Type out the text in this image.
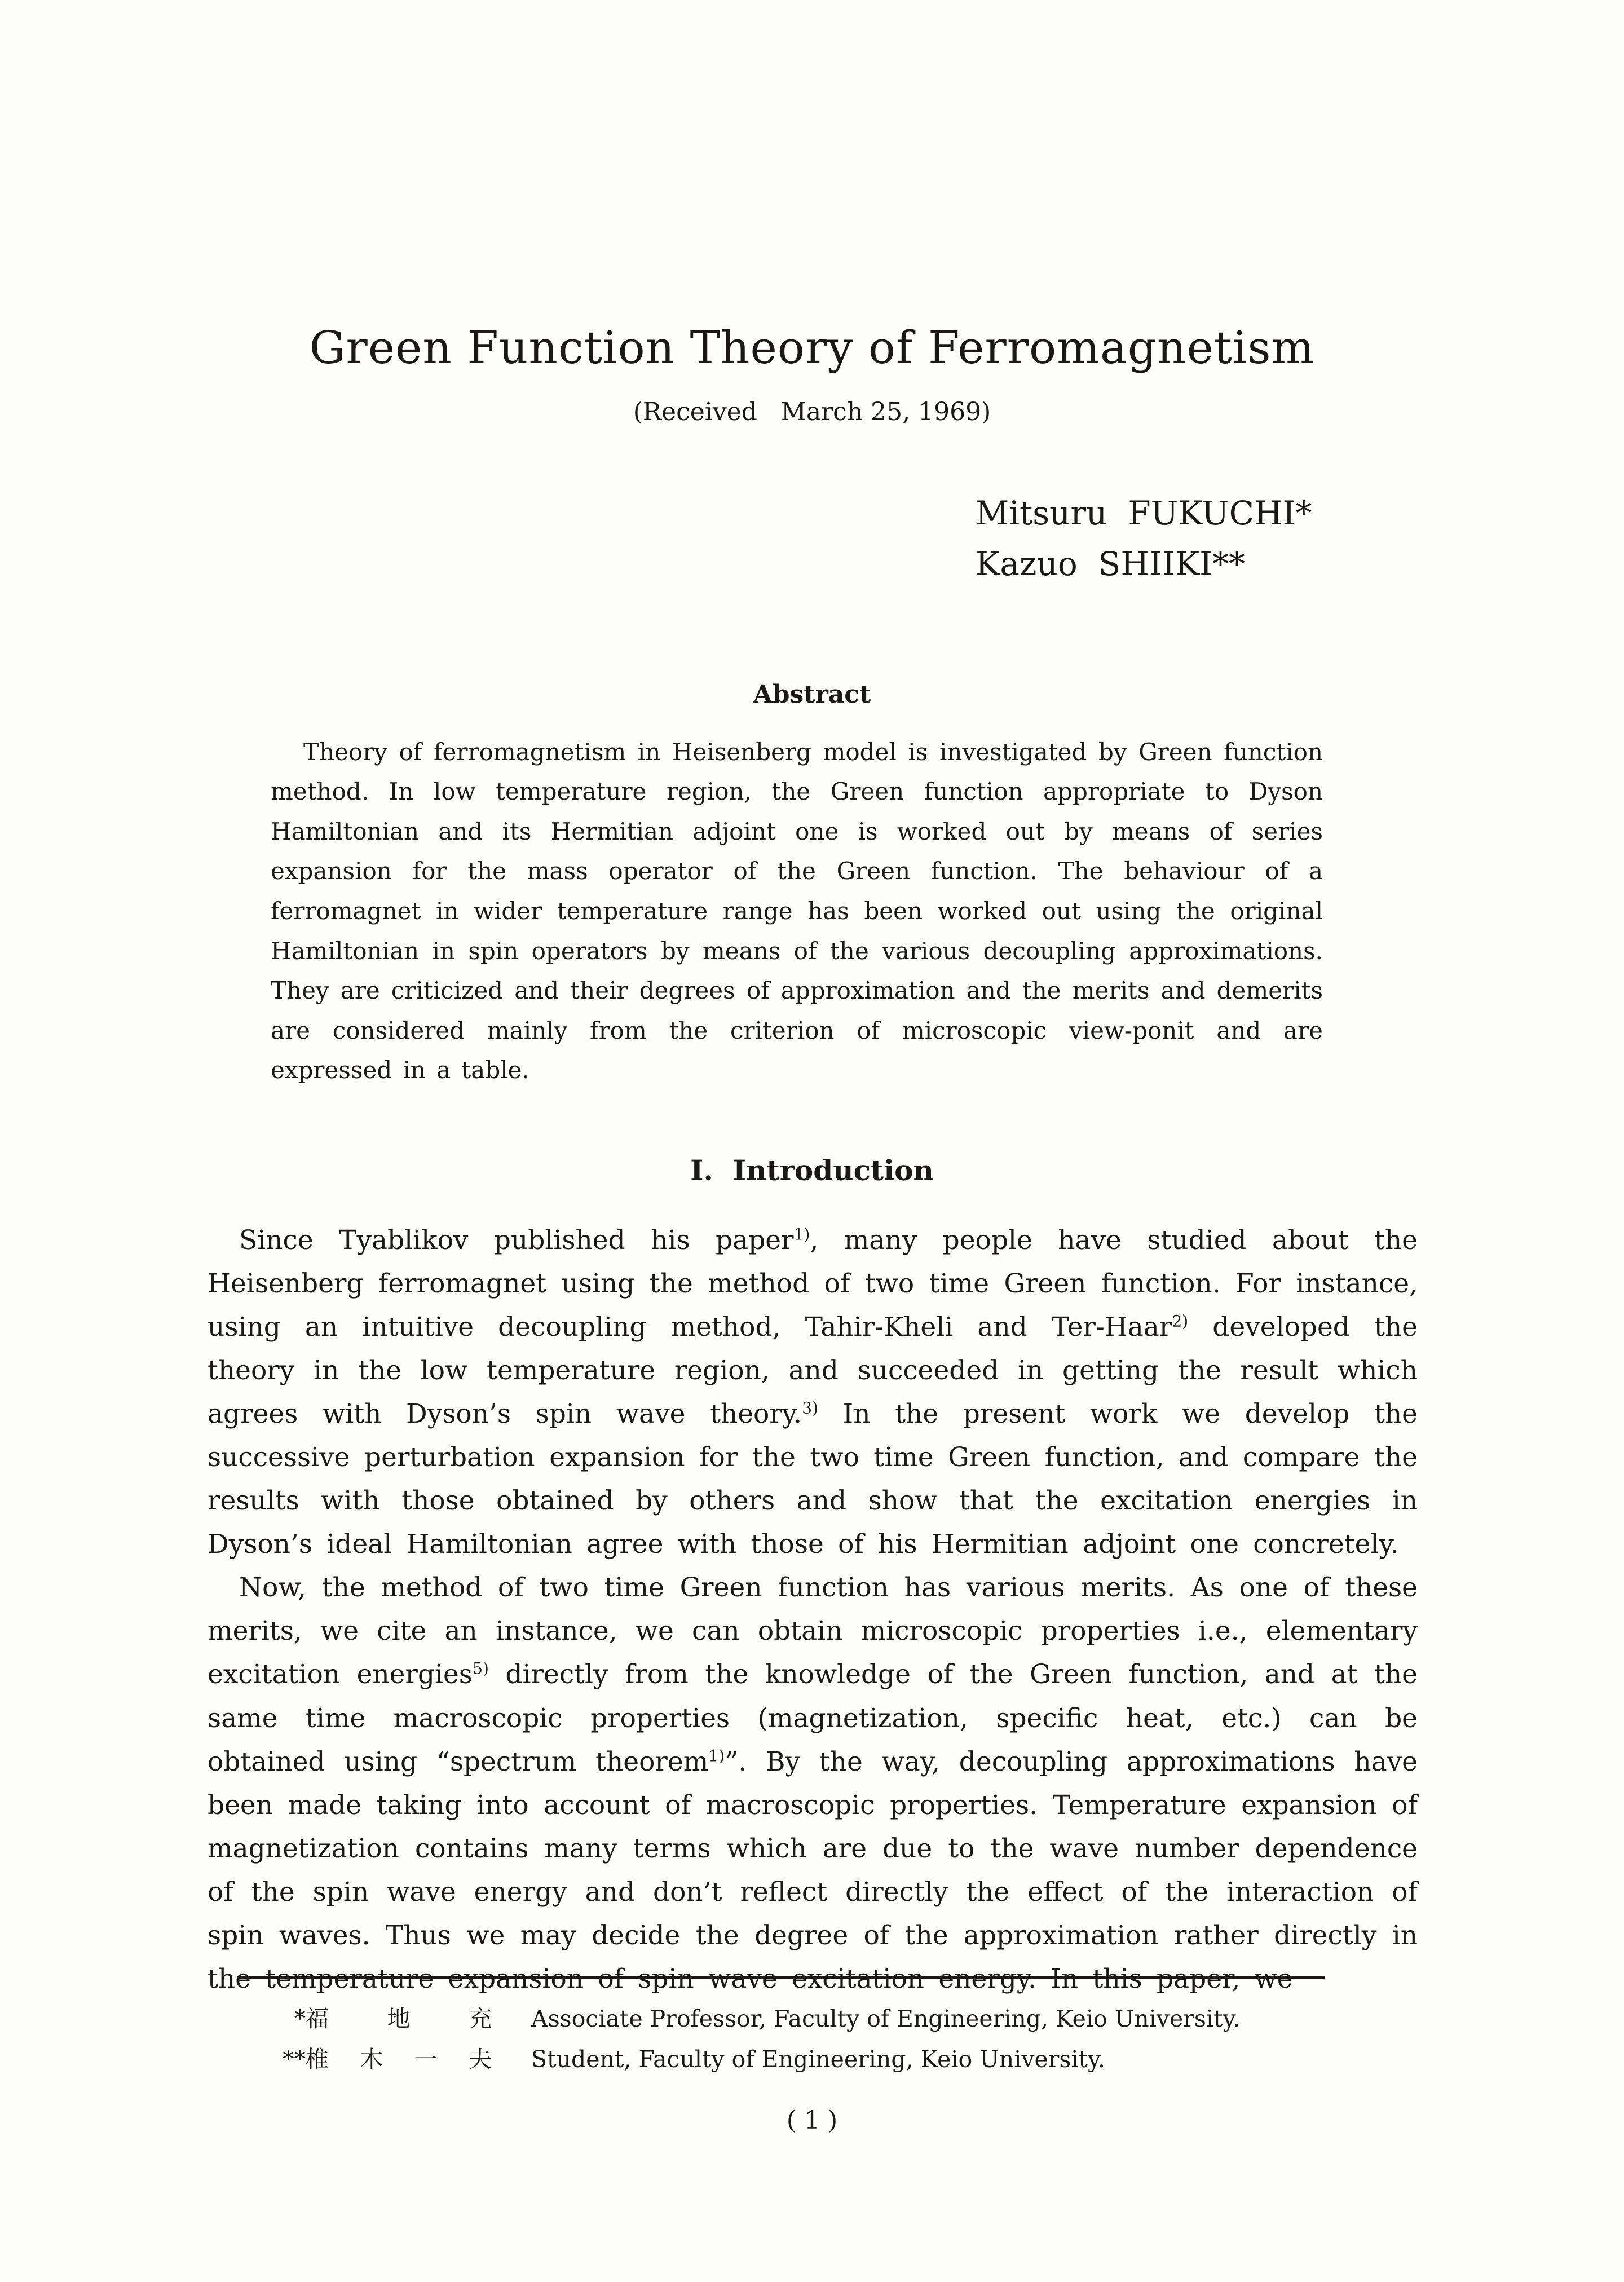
Green Function Theory of Ferromagnetism
(Received   March 25, 1969)
Mitsuru  FUKUCHI*
Kazuo  SHIIKI**
Abstract

Theory of ferromagnetism in Heisenberg model is investigated by Green function method. In low temperature region, the Green function appropriate to Dyson Hamiltonian and its Hermitian adjoint one is worked out by means of series expansion for the mass operator of the Green function. The behaviour of a ferromagnet in wider temperature range has been worked out using the original Hamiltonian in spin operators by means of the various decoupling approximations. They are criticized and their degrees of approximation and the merits and demerits are considered mainly from the criterion of microscopic view-ponit and are expressed in a table.

I.  Introduction

Since Tyablikov published his paper$^{1)}$, many people have studied about the Heisenberg ferromagnet using the method of two time Green function. For instance, using an intuitive decoupling method, Tahir-Kheli and Ter-Haar$^{2)}$ developed the theory in the low temperature region, and succeeded in getting the result which agrees with Dyson’s spin wave theory.$^{3)}$ In the present work we develop the successive perturbation expansion for the two time Green function, and compare the results with those obtained by others and show that the excitation energies in Dyson’s ideal Hamiltonian agree with those of his Hermitian adjoint one concretely.

Now, the method of two time Green function has various merits. As one of these merits, we cite an instance, we can obtain microscopic properties i.e., elementary excitation energies$^{5)}$ directly from the knowledge of the Green function, and at the same time macroscopic properties (magnetization, specific heat, etc.) can be obtained using “spectrum theorem$^{1)}$”. By the way, decoupling approximations have been made taking into account of macroscopic properties. Temperature expansion of magnetization contains many terms which are due to the wave number dependence of the spin wave energy and don’t reflect directly the effect of the interaction of spin waves. Thus we may decide the degree of the approximation rather directly in the temperature expansion of spin wave excitation energy. In this paper, we

* 福 地 充 Associate Professor, Faculty of Engineering, Keio University.
** 椎 木 一 夫 Student, Faculty of Engineering, Keio University.
( 1 )
